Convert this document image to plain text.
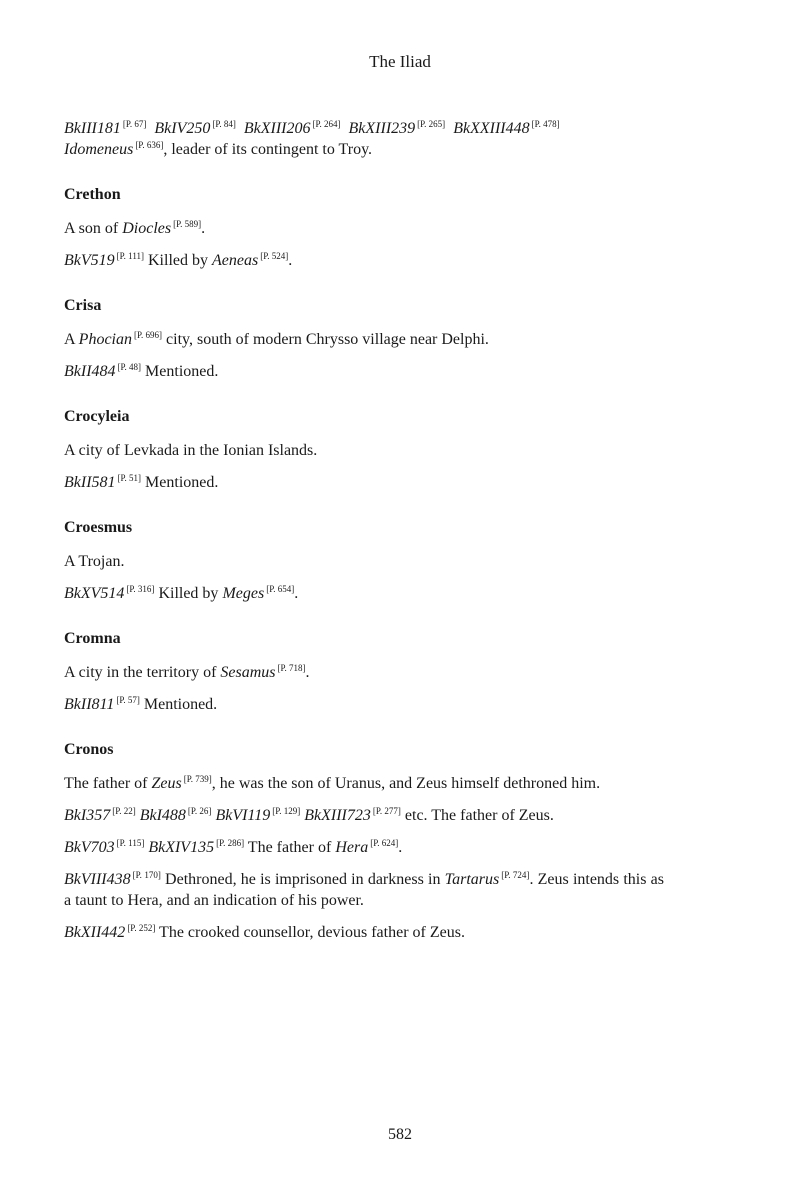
The Iliad

BkIII181 [P. 67] BkIV250 [P. 84] BkXIII206 [P. 264] BkXIII239 [P. 265] BkXXIII448 [P. 478]
Idomeneus [P. 636], leader of its contingent to Troy.

Crethon

A son of Diocles [P. 589].

BkV519 [P. 111] Killed by Aeneas [P. 524].

Crisa

A Phocian [P. 696] city, south of modern Chrysso village near Delphi.

BkII484 [P. 48] Mentioned.

Crocyleia

A city of Levkada in the Ionian Islands.

BkII581 [P. 51] Mentioned.

Croesmus

A Trojan.

BkXV514 [P. 316] Killed by Meges [P. 654].

Cromna

A city in the territory of Sesamus [P. 718].

BkII811 [P. 57] Mentioned.

Cronos

The father of Zeus [P. 739], he was the son of Uranus, and Zeus himself dethroned him.

BkI357 [P. 22] BkI488 [P. 26] BkVI119 [P. 129] BkXIII723 [P. 277] etc. The father of Zeus.

BkV703 [P. 115] BkXIV135 [P. 286] The father of Hera [P. 624].

BkVIII438 [P. 170] Dethroned, he is imprisoned in darkness in Tartarus [P. 724]. Zeus intends this as a taunt to Hera, and an indication of his power.

BkXII442 [P. 252] The crooked counsellor, devious father of Zeus.

582
